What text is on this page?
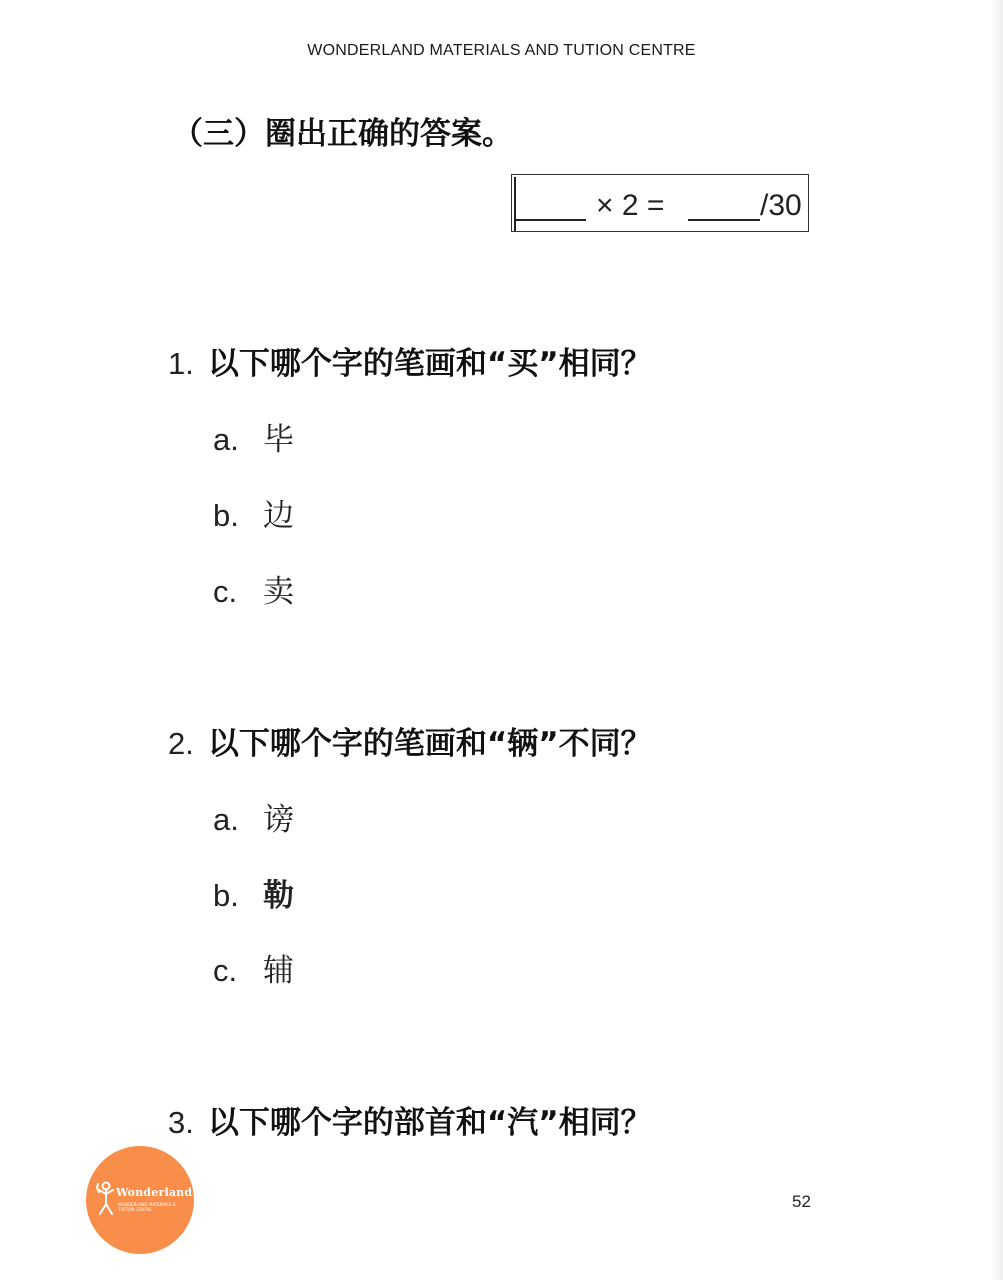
WONDERLAND MATERIALS AND TUTION CENTRE
（三）圈出正确的答案。
× 2 =	/30
1. 以下哪个字的笔画和“买”相同？
a. 毕
b. 边
c. 卖
2. 以下哪个字的笔画和“辆”不同？
a. 谤
b. 勒
c. 辅
3. 以下哪个字的部首和“汽”相同？
Wonderland
WONDERLAND MATERIALS & TUITION CENTRE	52
